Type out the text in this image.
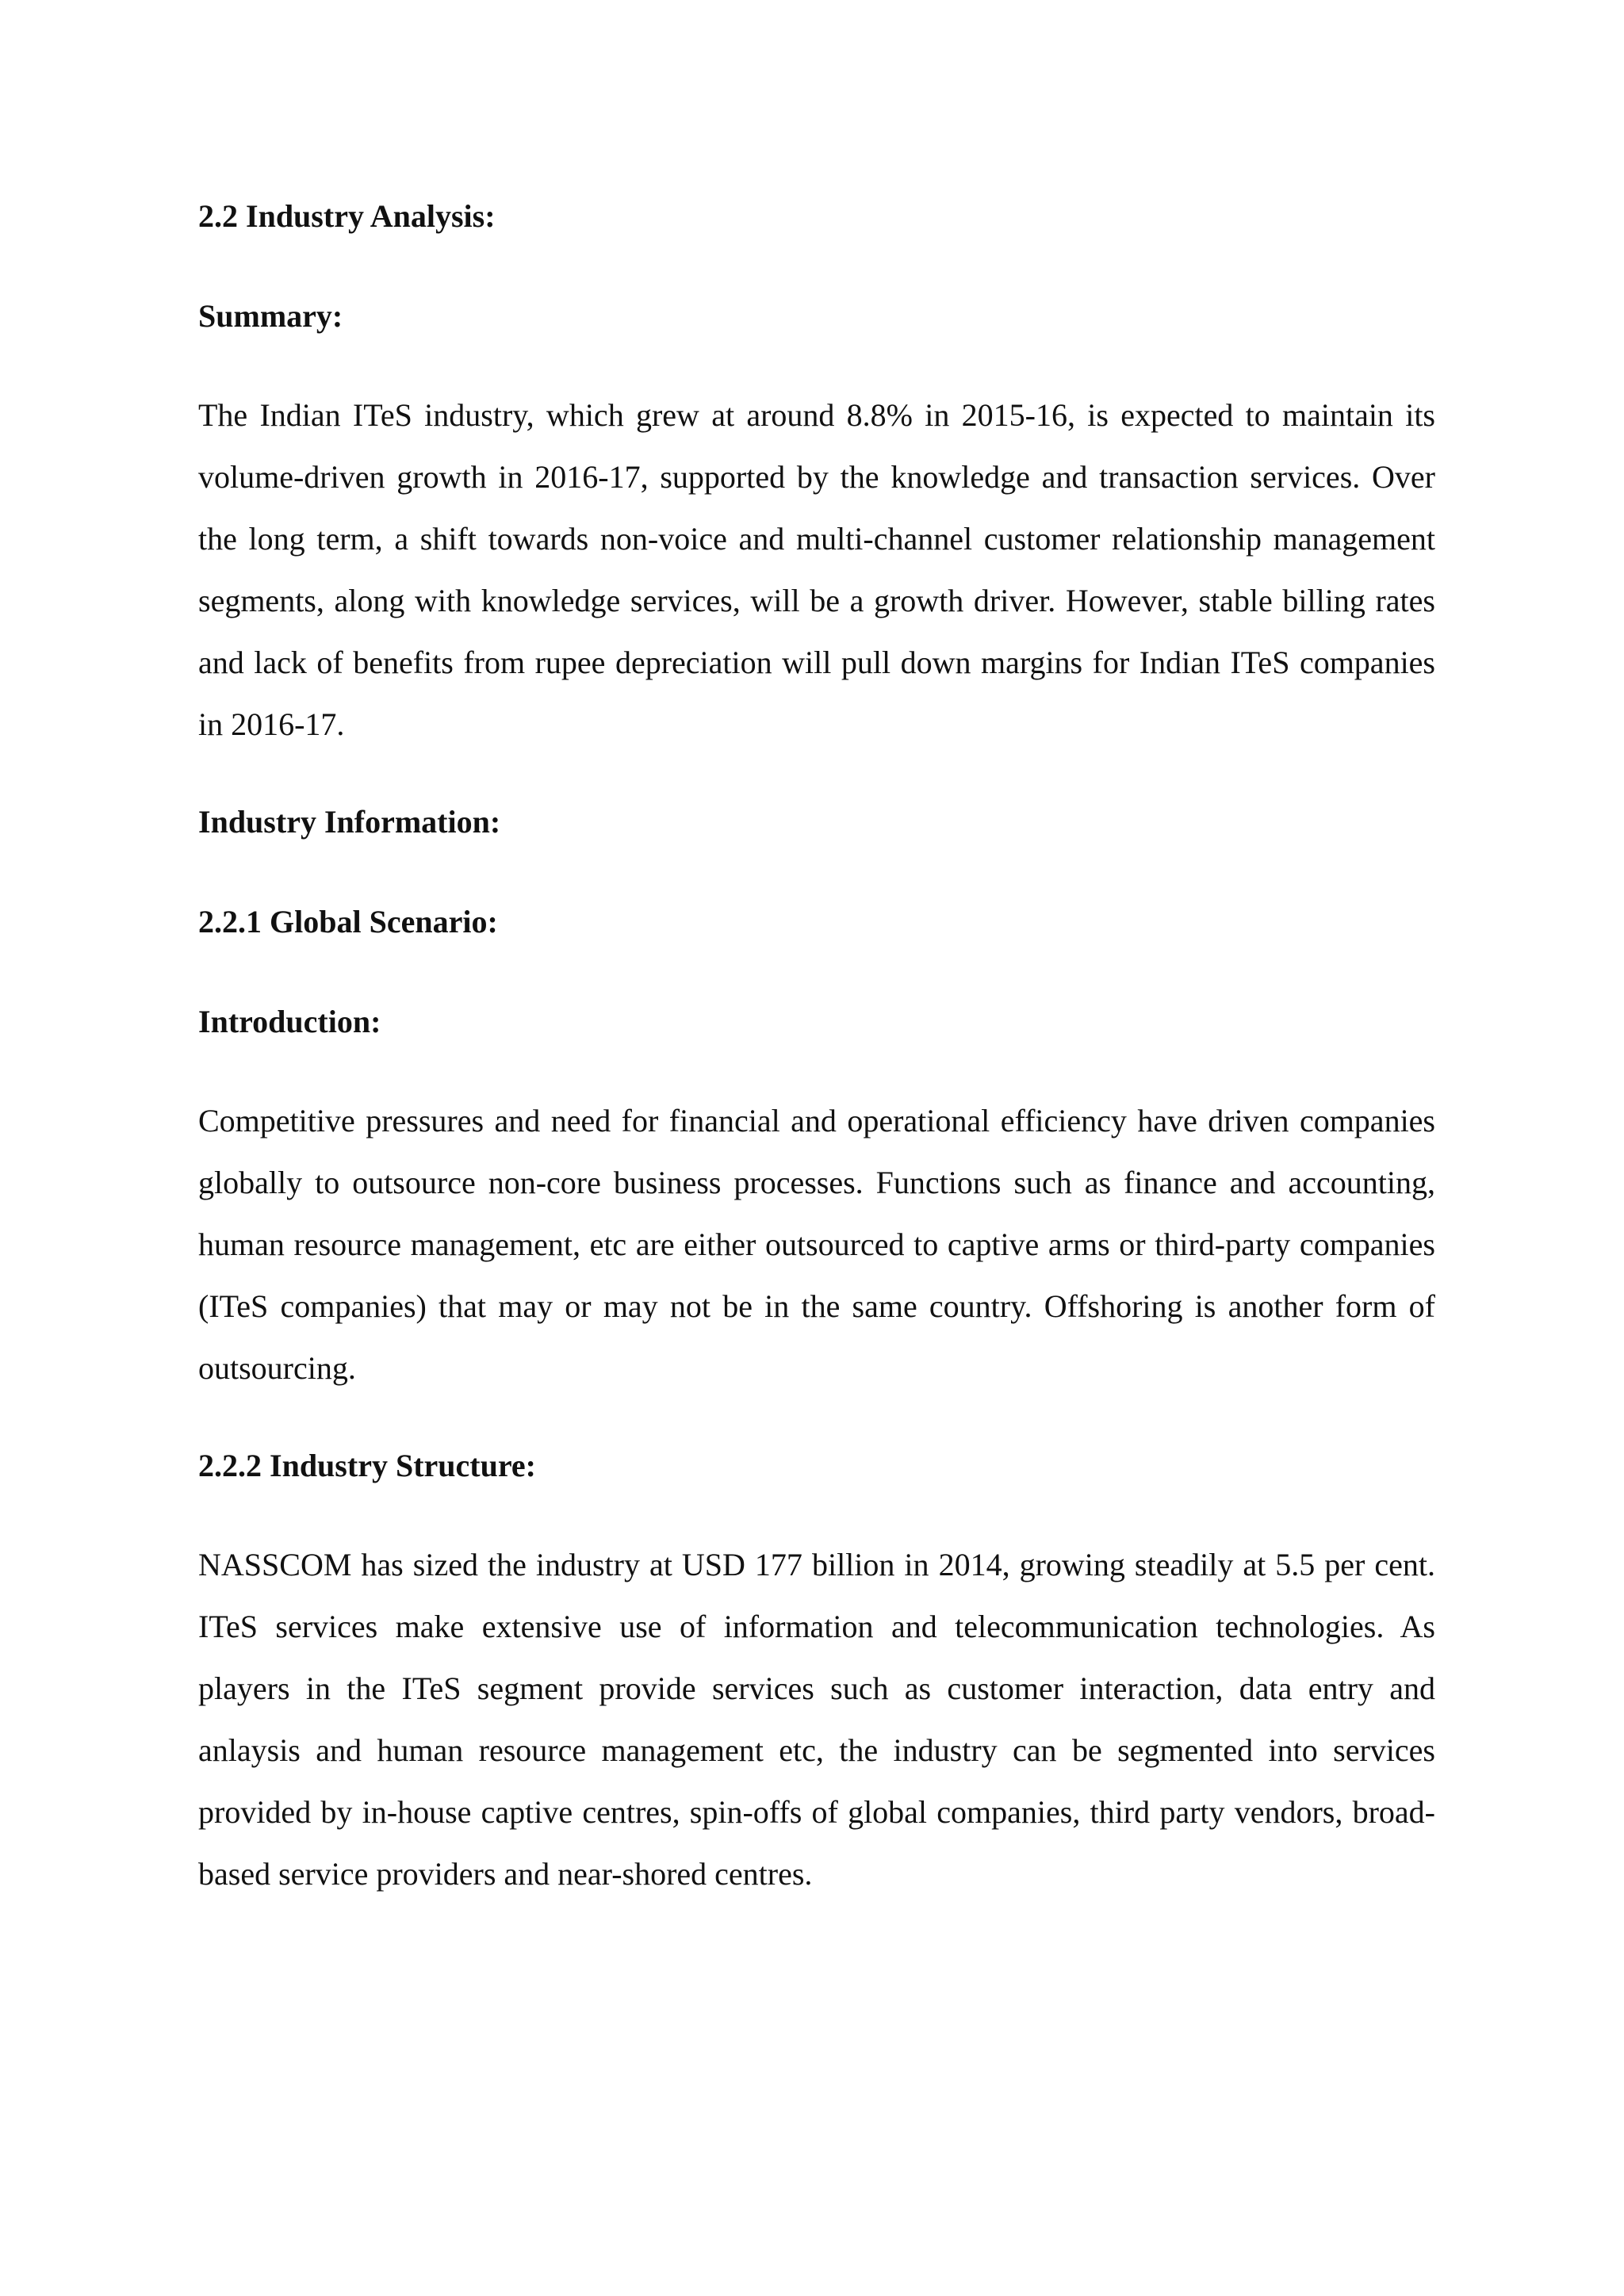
2.2 Industry Analysis:

Summary:

The Indian ITeS industry, which grew at around 8.8% in 2015-16, is expected to maintain its volume-driven growth in 2016-17, supported by the knowledge and transaction services. Over the long term, a shift towards non-voice and multi-channel customer relationship management segments, along with knowledge services, will be a growth driver. However, stable billing rates and lack of benefits from rupee depreciation will pull down margins for Indian ITeS companies in 2016-17.

Industry Information:

2.2.1 Global Scenario:

Introduction:

Competitive pressures and need for financial and operational efficiency have driven companies globally to outsource non-core business processes. Functions such as finance and accounting, human resource management, etc are either outsourced to captive arms or third-party companies (ITeS companies) that may or may not be in the same country. Offshoring is another form of outsourcing.

2.2.2 Industry Structure:

NASSCOM has sized the industry at USD 177 billion in 2014, growing steadily at 5.5 per cent. ITeS services make extensive use of information and telecommunication technologies. As players in the ITeS segment provide services such as customer interaction, data entry and anlaysis and human resource management etc, the industry can be segmented into services provided by in-house captive centres, spin-offs of global companies, third party vendors, broad-based service providers and near-shored centres.
